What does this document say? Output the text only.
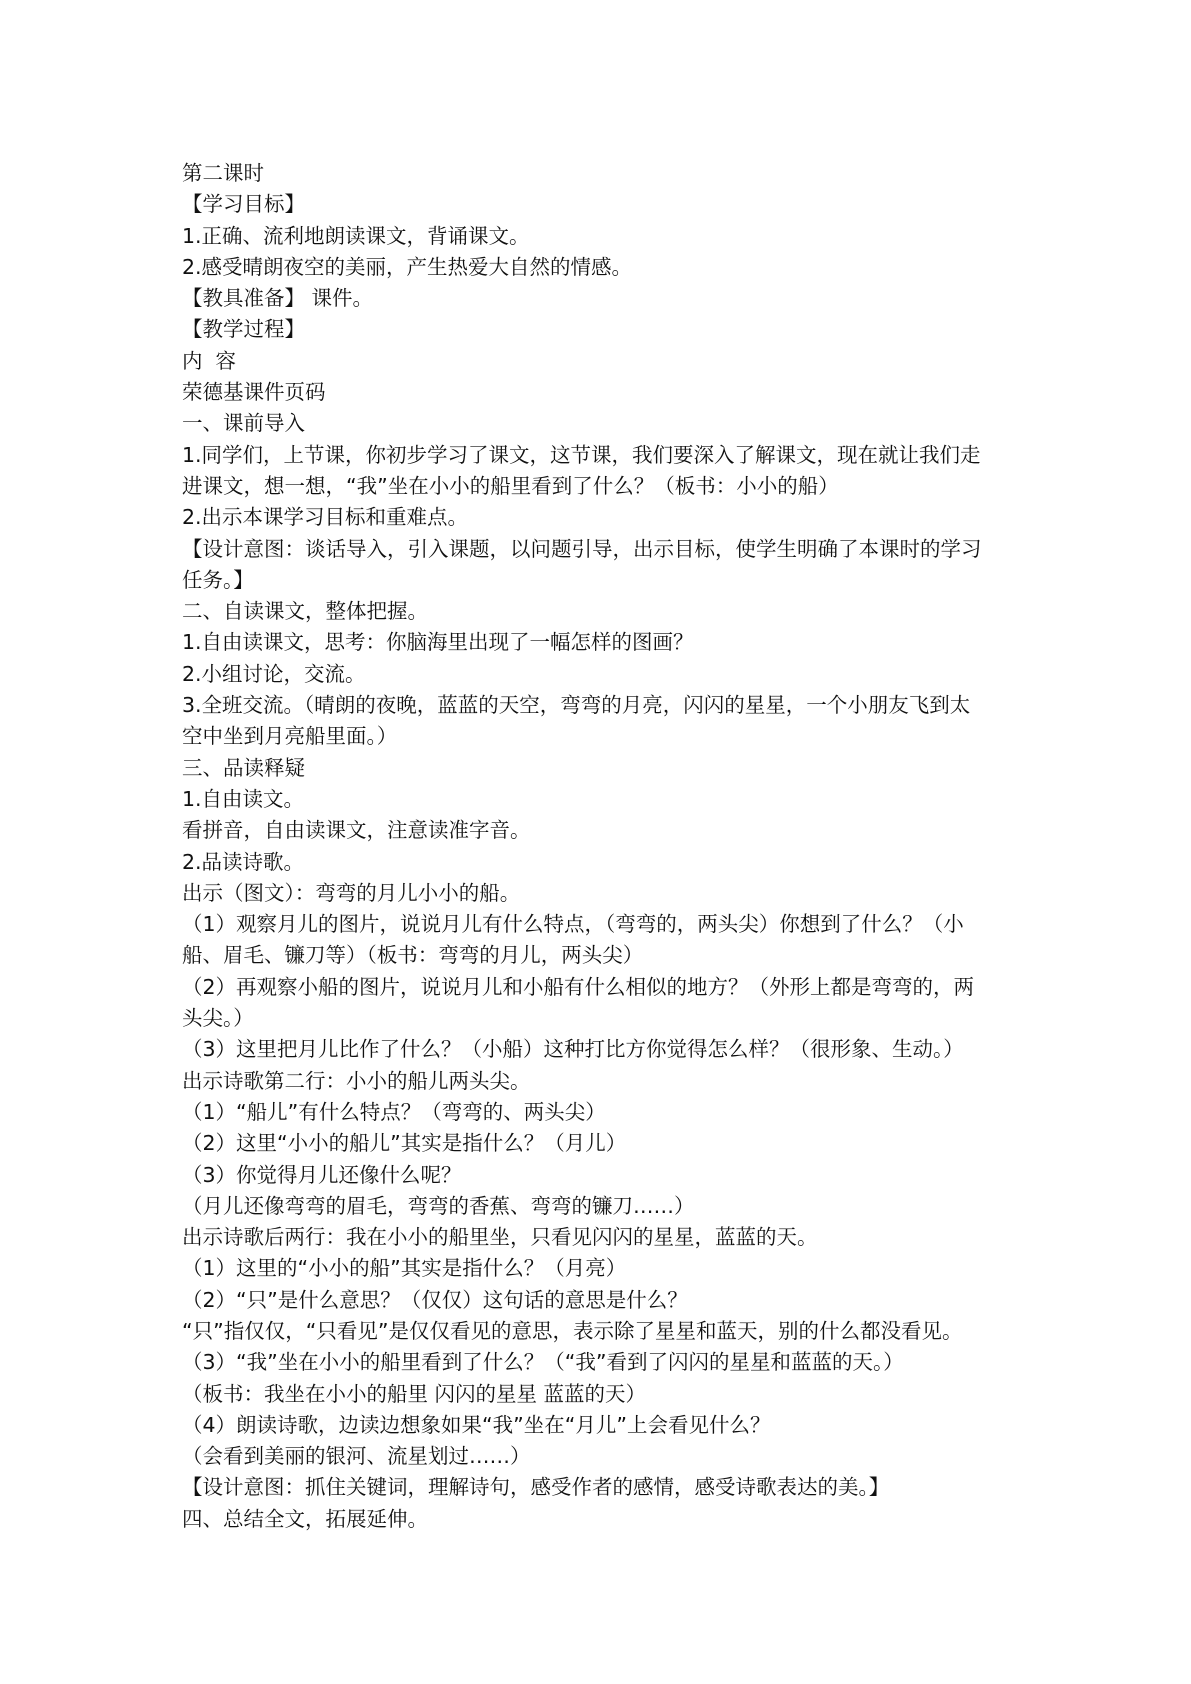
第二课时

【学习目标】

1.正确、流利地朗读课文，背诵课文。

2.感受晴朗夜空的美丽，产生热爱大自然的情感。

【教具准备】 课件。

【教学过程】

内  容

荣德基课件页码

一、课前导入

1.同学们，上节课，你初步学习了课文，这节课，我们要深入了解课文，现在就让我们走

进课文，想一想，“我”坐在小小的船里看到了什么？（板书：小小的船）

2.出示本课学习目标和重难点。

【设计意图：谈话导入，引入课题，以问题引导，出示目标，使学生明确了本课时的学习

任务。】

二、自读课文，整体把握。

1.自由读课文，思考：你脑海里出现了一幅怎样的图画？

2.小组讨论，交流。

3.全班交流。（晴朗的夜晚，蓝蓝的天空，弯弯的月亮，闪闪的星星，一个小朋友飞到太

空中坐到月亮船里面。）

三、品读释疑

1.自由读文。

看拼音，自由读课文，注意读准字音。

2.品读诗歌。

出示（图文）：弯弯的月儿小小的船。

（1）观察月儿的图片，说说月儿有什么特点，（弯弯的，两头尖）你想到了什么？（小

船、眉毛、镰刀等）（板书：弯弯的月儿，两头尖）

（2）再观察小船的图片，说说月儿和小船有什么相似的地方？（外形上都是弯弯的，两

头尖。）

（3）这里把月儿比作了什么？（小船）这种打比方你觉得怎么样？（很形象、生动。）

出示诗歌第二行：小小的船儿两头尖。

（1）“船儿”有什么特点？（弯弯的、两头尖）

（2）这里“小小的船儿”其实是指什么？（月儿）

（3）你觉得月儿还像什么呢？

（月儿还像弯弯的眉毛，弯弯的香蕉、弯弯的镰刀……）

出示诗歌后两行：我在小小的船里坐，只看见闪闪的星星，蓝蓝的天。

（1）这里的“小小的船”其实是指什么？（月亮）

（2）“只”是什么意思？（仅仅）这句话的意思是什么？

“只”指仅仅，“只看见”是仅仅看见的意思，表示除了星星和蓝天，别的什么都没看见。

（3）“我”坐在小小的船里看到了什么？（“我”看到了闪闪的星星和蓝蓝的天。）

（板书：我坐在小小的船里 闪闪的星星 蓝蓝的天）

（4）朗读诗歌，边读边想象如果“我”坐在“月儿”上会看见什么？

（会看到美丽的银河、流星划过……）

【设计意图：抓住关键词，理解诗句，感受作者的感情，感受诗歌表达的美。】

四、总结全文，拓展延伸。
